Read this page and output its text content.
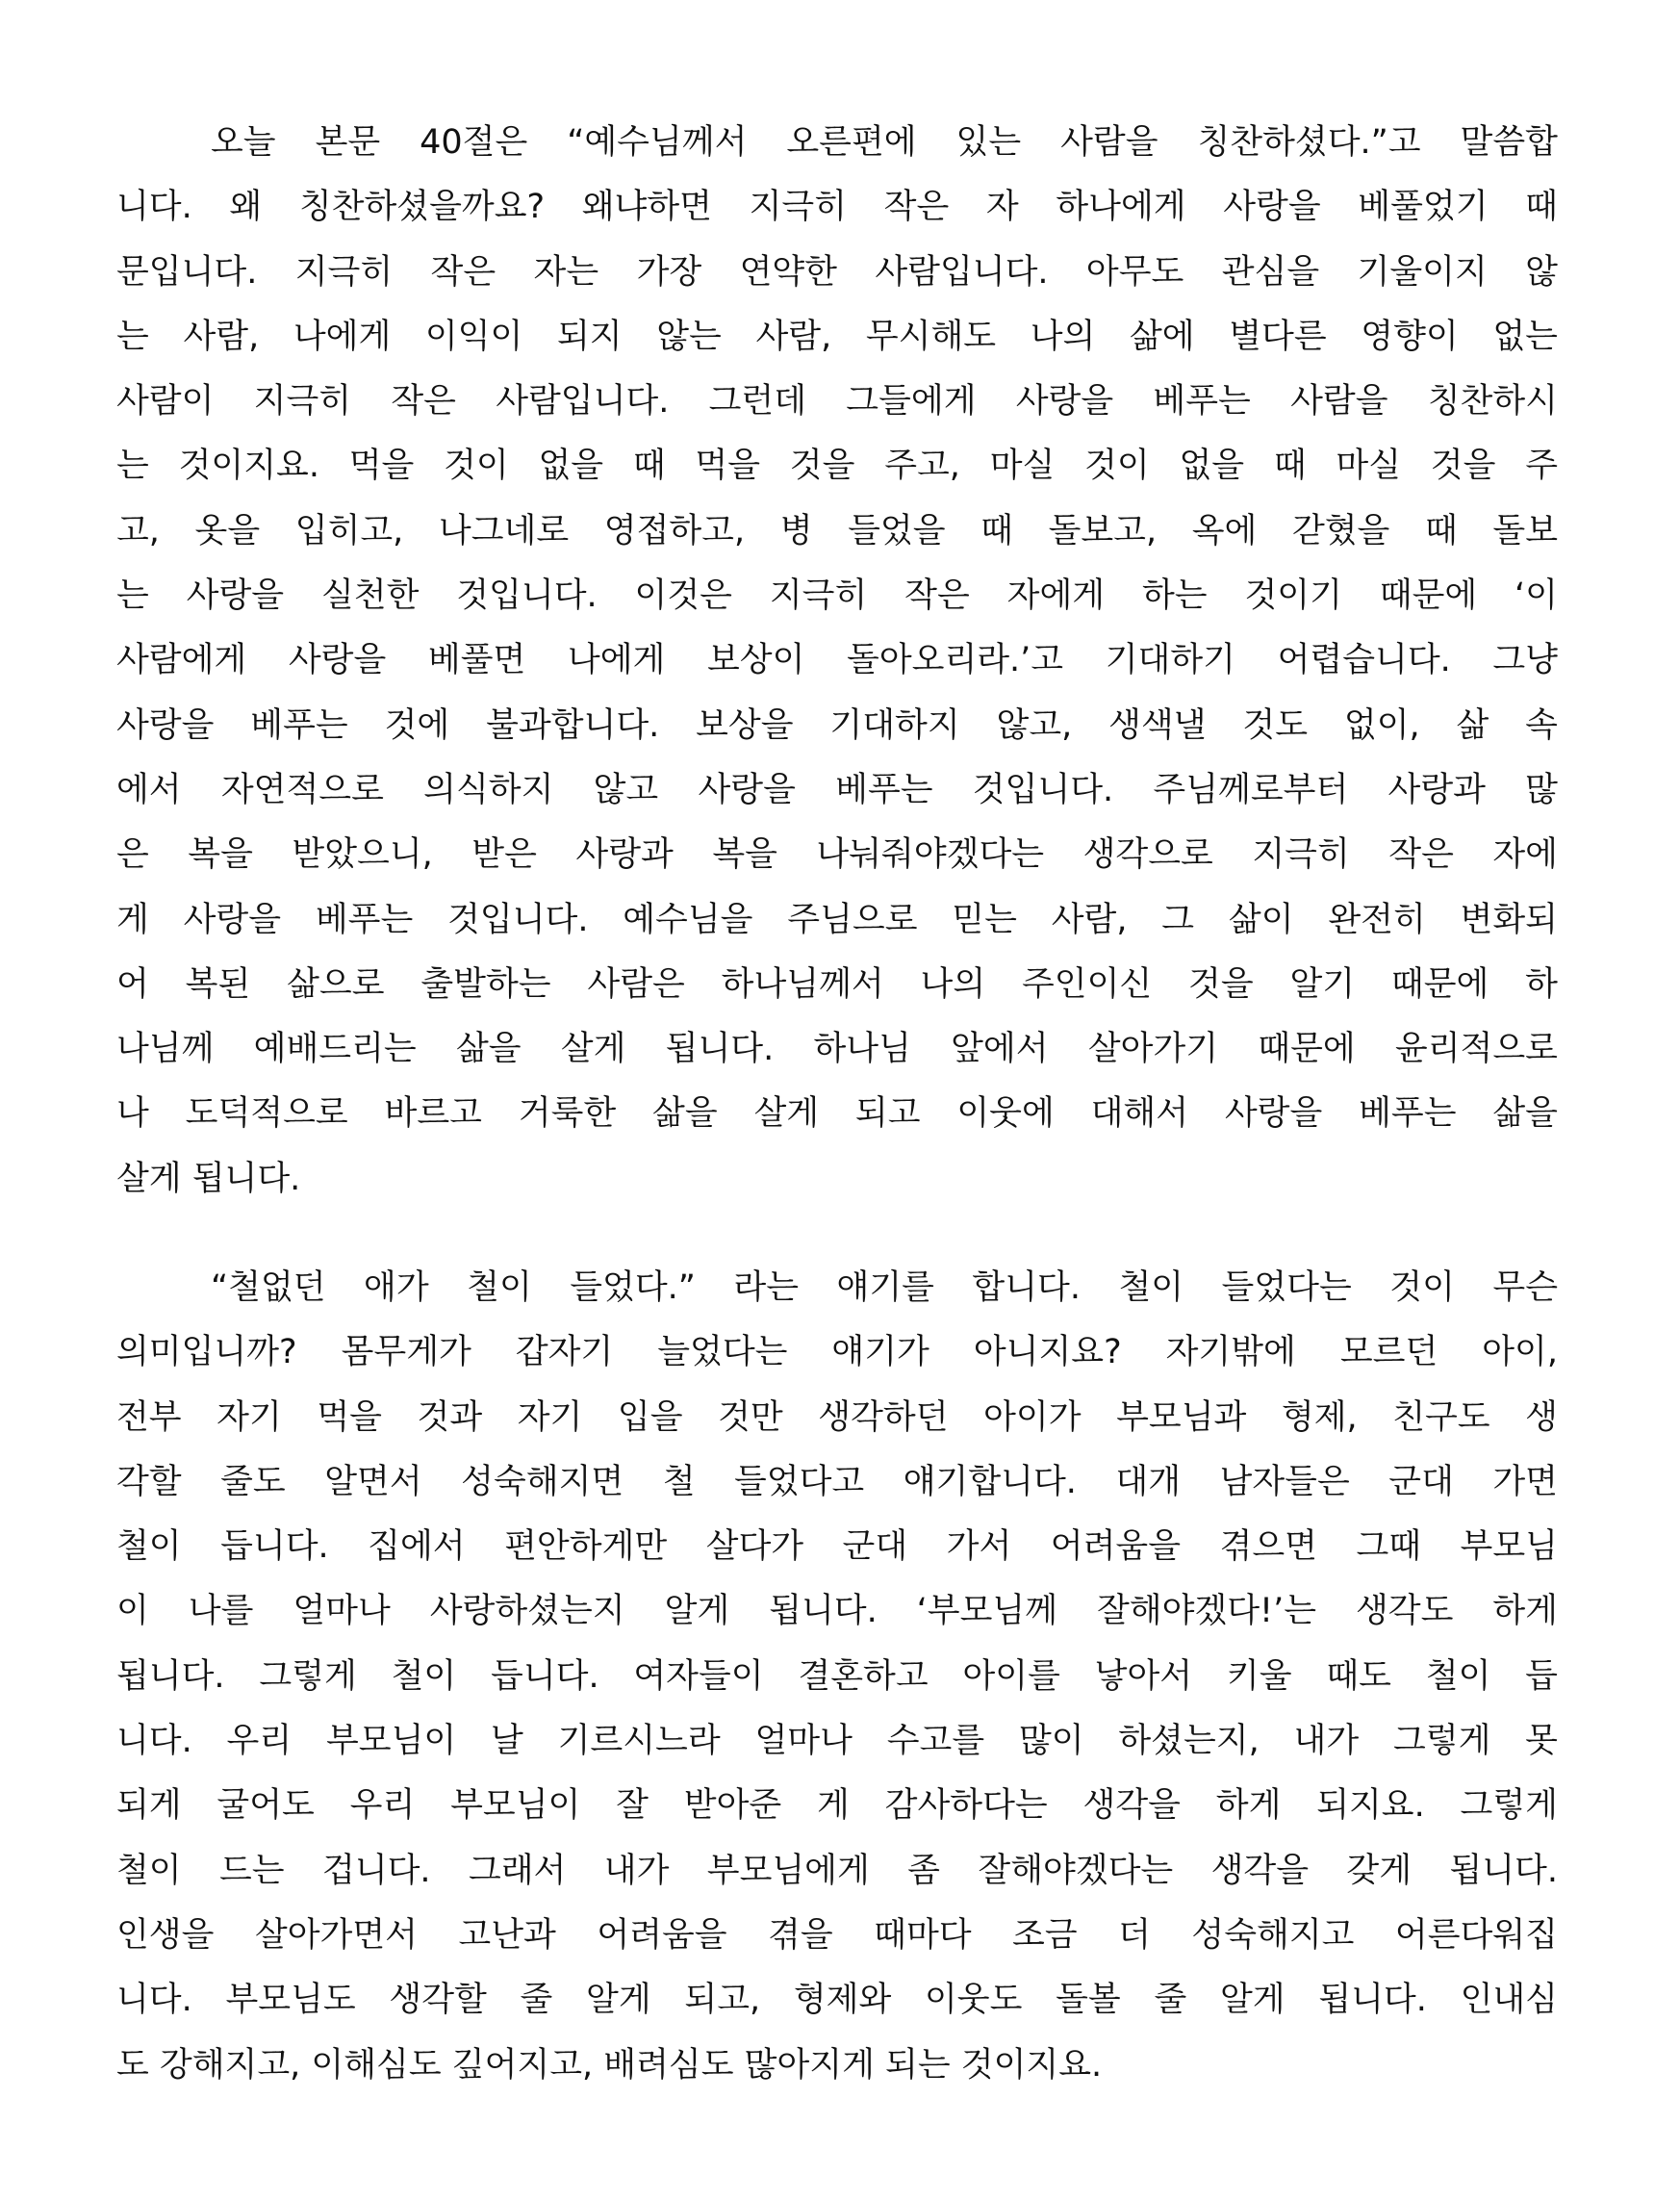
오늘 본문 40절은 “예수님께서 오른편에 있는 사람을 칭찬하셨다.”고 말씀합
니다. 왜 칭찬하셨을까요? 왜냐하면 지극히 작은 자 하나에게 사랑을 베풀었기 때
문입니다. 지극히 작은 자는 가장 연약한 사람입니다. 아무도 관심을 기울이지 않
는 사람, 나에게 이익이 되지 않는 사람, 무시해도 나의 삶에 별다른 영향이 없는
사람이 지극히 작은 사람입니다. 그런데 그들에게 사랑을 베푸는 사람을 칭찬하시
는 것이지요. 먹을 것이 없을 때 먹을 것을 주고, 마실 것이 없을 때 마실 것을 주
고, 옷을 입히고, 나그네로 영접하고, 병 들었을 때 돌보고, 옥에 갇혔을 때 돌보
는 사랑을 실천한 것입니다. 이것은 지극히 작은 자에게 하는 것이기 때문에 ‘이
사람에게 사랑을 베풀면 나에게 보상이 돌아오리라.’고 기대하기 어렵습니다. 그냥
사랑을 베푸는 것에 불과합니다. 보상을 기대하지 않고, 생색낼 것도 없이, 삶 속
에서 자연적으로 의식하지 않고 사랑을 베푸는 것입니다. 주님께로부터 사랑과 많
은 복을 받았으니, 받은 사랑과 복을 나눠줘야겠다는 생각으로 지극히 작은 자에
게 사랑을 베푸는 것입니다. 예수님을 주님으로 믿는 사람, 그 삶이 완전히 변화되
어 복된 삶으로 출발하는 사람은 하나님께서 나의 주인이신 것을 알기 때문에 하
나님께 예배드리는 삶을 살게 됩니다. 하나님 앞에서 살아가기 때문에 윤리적으로
나 도덕적으로 바르고 거룩한 삶을 살게 되고 이웃에 대해서 사랑을 베푸는 삶을
살게 됩니다.
“철없던 애가 철이 들었다.” 라는 얘기를 합니다. 철이 들었다는 것이 무슨
의미입니까? 몸무게가 갑자기 늘었다는 얘기가 아니지요? 자기밖에 모르던 아이,
전부 자기 먹을 것과 자기 입을 것만 생각하던 아이가 부모님과 형제, 친구도 생
각할 줄도 알면서 성숙해지면 철 들었다고 얘기합니다. 대개 남자들은 군대 가면
철이 듭니다. 집에서 편안하게만 살다가 군대 가서 어려움을 겪으면 그때 부모님
이 나를 얼마나 사랑하셨는지 알게 됩니다. ‘부모님께 잘해야겠다!’는 생각도 하게
됩니다. 그렇게 철이 듭니다. 여자들이 결혼하고 아이를 낳아서 키울 때도 철이 듭
니다. 우리 부모님이 날 기르시느라 얼마나 수고를 많이 하셨는지, 내가 그렇게 못
되게 굴어도 우리 부모님이 잘 받아준 게 감사하다는 생각을 하게 되지요. 그렇게
철이 드는 겁니다. 그래서 내가 부모님에게 좀 잘해야겠다는 생각을 갖게 됩니다.
인생을 살아가면서 고난과 어려움을 겪을 때마다 조금 더 성숙해지고 어른다워집
니다. 부모님도 생각할 줄 알게 되고, 형제와 이웃도 돌볼 줄 알게 됩니다. 인내심
도 강해지고, 이해심도 깊어지고, 배려심도 많아지게 되는 것이지요.
